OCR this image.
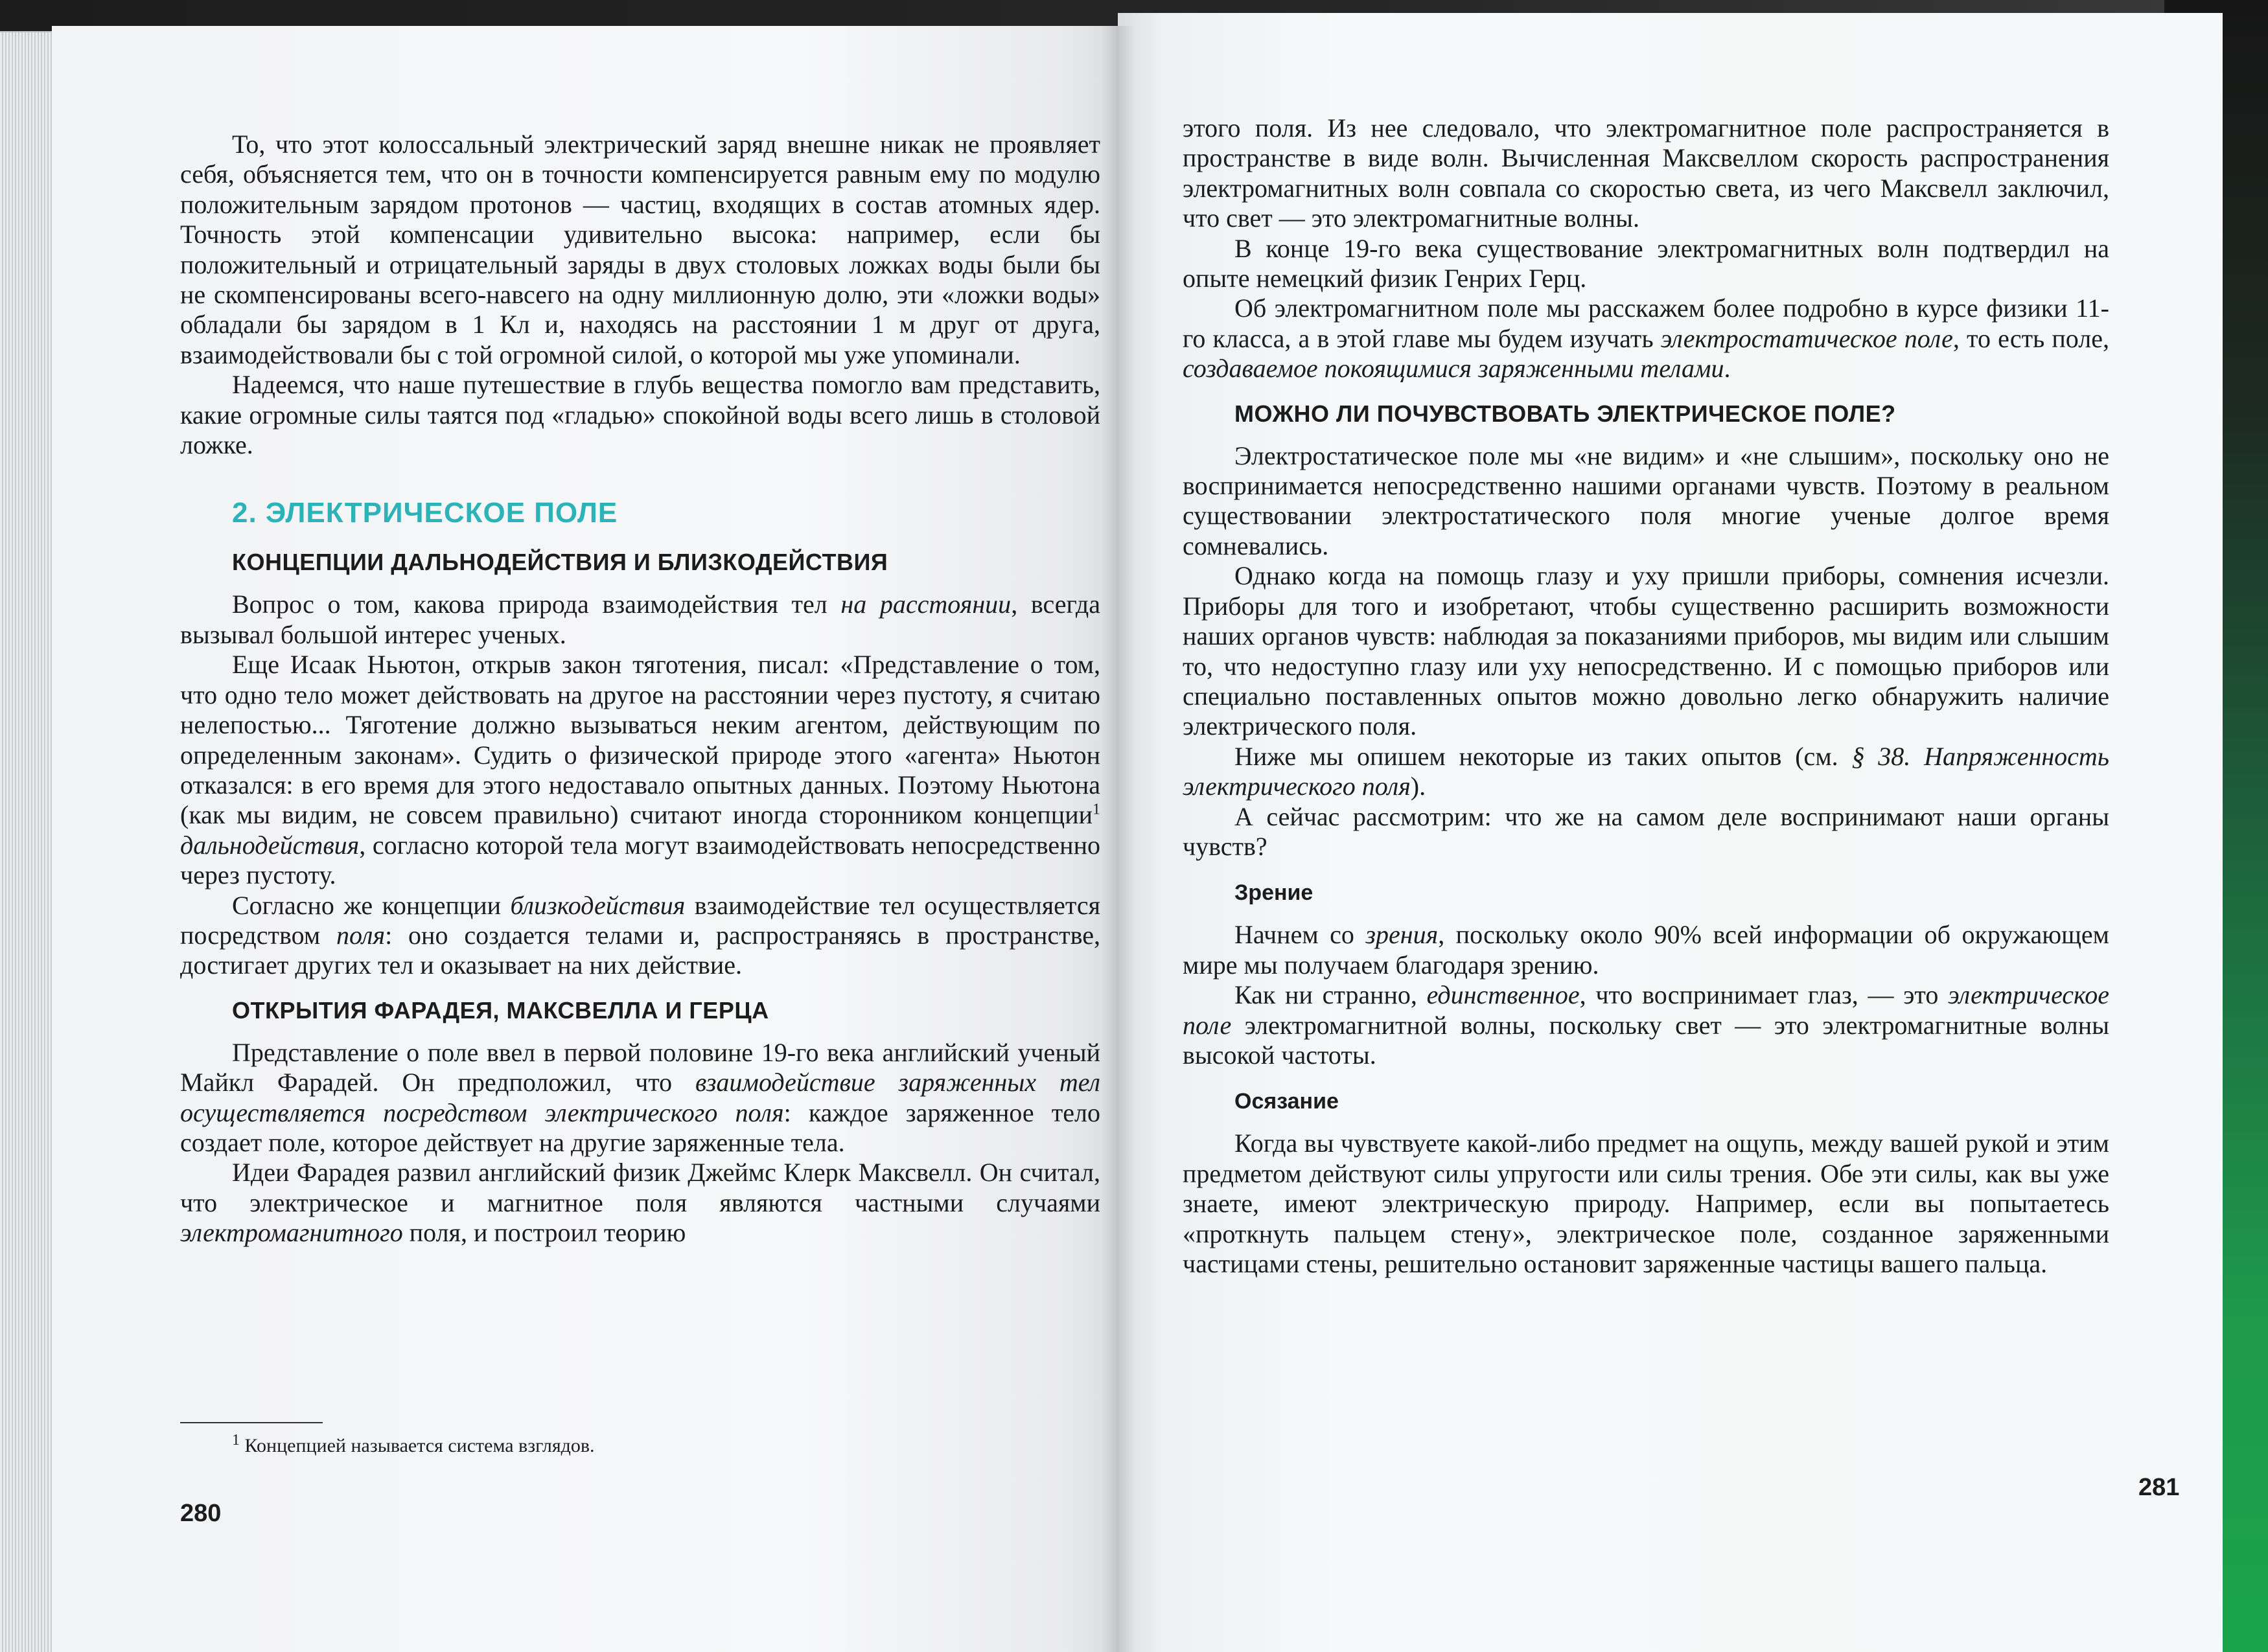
То, что этот колоссальный электрический заряд внешне никак не проявляет себя, объясняется тем, что он в точности компенсируется равным ему по модулю положительным зарядом протонов — частиц, входящих в состав атомных ядер. Точность этой компенсации удивительно высока: например, если бы положительный и отрицательный заряды в двух столовых ложках воды были бы не скомпенсированы всего-навсего на одну миллионную долю, эти «ложки воды» обладали бы зарядом в 1 Кл и, находясь на расстоянии 1 м друг от друга, взаимодействовали бы с той огромной силой, о которой мы уже упоминали.

Надеемся, что наше путешествие в глубь вещества помогло вам представить, какие огромные силы таятся под «гладью» спокойной воды всего лишь в столовой ложке.

2. ЭЛЕКТРИЧЕСКОЕ ПОЛЕ
КОНЦЕПЦИИ ДАЛЬНОДЕЙСТВИЯ И БЛИЗКОДЕЙСТВИЯ

Вопрос о том, какова природа взаимодействия тел на расстоянии, всегда вызывал большой интерес ученых.

Еще Исаак Ньютон, открыв закон тяготения, писал: «Представление о том, что одно тело может действовать на другое на расстоянии через пустоту, я считаю нелепостью... Тяготение должно вызываться неким агентом, действующим по определенным законам». Судить о физической природе этого «агента» Ньютон отказался: в его время для этого недоставало опытных данных. Поэтому Ньютона (как мы видим, не совсем правильно) считают иногда сторонником концепции$^1$ дальнодействия, согласно которой тела могут взаимодействовать непосредственно через пустоту.

Согласно же концепции близкодействия взаимодействие тел осуществляется посредством поля: оно создается телами и, распространяясь в пространстве, достигает других тел и оказывает на них действие.

ОТКРЫТИЯ ФАРАДЕЯ, МАКСВЕЛЛА И ГЕРЦА

Представление о поле ввел в первой половине 19-го века английский ученый Майкл Фарадей. Он предположил, что взаимодействие заряженных тел осуществляется посредством электрического поля: каждое заряженное тело создает поле, которое действует на другие заряженные тела.

Идеи Фарадея развил английский физик Джеймс Клерк Максвелл. Он считал, что электрическое и магнитное поля являются частными случаями электромагнитного поля, и построил теорию

$^1$ Концепцией называется система взглядов.
280

этого поля. Из нее следовало, что электромагнитное поле распространяется в пространстве в виде волн. Вычисленная Максвеллом скорость распространения электромагнитных волн совпала со скоростью света, из чего Максвелл заключил, что свет — это электромагнитные волны.

В конце 19-го века существование электромагнитных волн подтвердил на опыте немецкий физик Генрих Герц.

Об электромагнитном поле мы расскажем более подробно в курсе физики 11-го класса, а в этой главе мы будем изучать электростатическое поле, то есть поле, создаваемое покоящимися заряженными телами.

МОЖНО ЛИ ПОЧУВСТВОВАТЬ ЭЛЕКТРИЧЕСКОЕ ПОЛЕ?

Электростатическое поле мы «не видим» и «не слышим», поскольку оно не воспринимается непосредственно нашими органами чувств. Поэтому в реальном существовании электростатического поля многие ученые долгое время сомневались.

Однако когда на помощь глазу и уху пришли приборы, сомнения исчезли. Приборы для того и изобретают, чтобы существенно расширить возможности наших органов чувств: наблюдая за показаниями приборов, мы видим или слышим то, что недоступно глазу или уху непосредственно. И с помощью приборов или специально поставленных опытов можно довольно легко обнаружить наличие электрического поля.

Ниже мы опишем некоторые из таких опытов (см. § 38. Напряженность электрического поля).

А сейчас рассмотрим: что же на самом деле воспринимают наши органы чувств?

Зрение

Начнем со зрения, поскольку около 90% всей информации об окружающем мире мы получаем благодаря зрению.

Как ни странно, единственное, что воспринимает глаз, — это электрическое поле электромагнитной волны, поскольку свет — это электромагнитные волны высокой частоты.

Осязание

Когда вы чувствуете какой-либо предмет на ощупь, между вашей рукой и этим предметом действуют силы упругости или силы трения. Обе эти силы, как вы уже знаете, имеют электрическую природу. Например, если вы попытаетесь «проткнуть пальцем стену», электрическое поле, созданное заряженными частицами стены, решительно остановит заряженные частицы вашего пальца.

281
